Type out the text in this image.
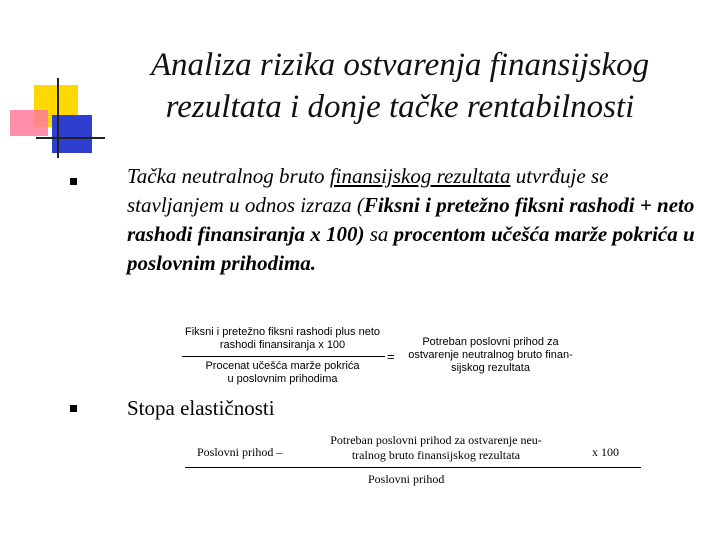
Analiza rizika ostvarenja finansijskog
rezultata i donje tačke rentabilnosti
Tačka neutralnog bruto finansijskog rezultata utvrđuje se stavljanjem u odnos izraza (Fiksni i pretežno fiksni rashodi + neto rashodi finansiranja x 100) sa procentom učešća marže pokrića u poslovnim prihodima.
Fiksni i pretežno fiksni rashodi plus neto
rashodi finansiranja x 100
Procenat učešća marže pokrića
u poslovnim prihodima
=
Potreban poslovni prihod za
ostvarenje neutralnog bruto finan-
sijskog rezultata
Stopa elastičnosti
Poslovni prihod –
Potreban poslovni prihod za ostvarenje neu-
tralnog bruto finansijskog rezultata	x 100
Poslovni prihod
